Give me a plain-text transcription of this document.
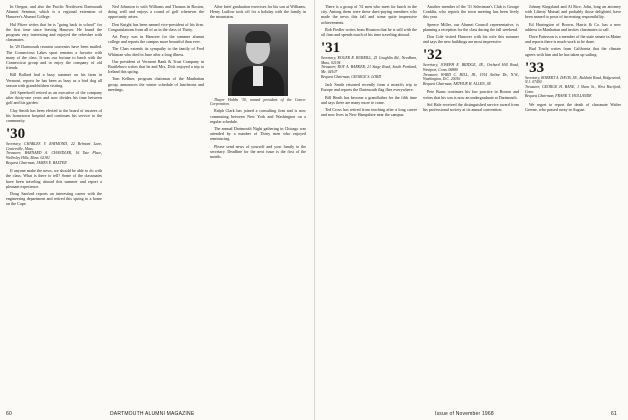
In Oregon, and also the Pacific Northwest Dartmouth Alumni Seminar, which is a regional extension of Hanover's Alumni College.

Hal Pfizer writes that he is "going back to school" for the first time since leaving Hanover. He found the program very interesting and enjoyed the refresher with classmates.

In '29 Dartmouth reunion souvenirs have been mailed. The Connecticut Lakes sport remains a favorite with many of the class. It was our fortune to lunch with the Connecticut group and to enjoy the company of old friends.

Bill Bullard had a busy summer on his farm in Vermont, reports he has been as busy as a bird dog all season with grandchildren visiting.

Jeff Speedwell retired as an executive of the company after thirty-one years and now divides his time between golf and his garden.

Clay Smith has been elected to the board of trustees of his hometown hospital and continues his service to the community.

'30
Secretary, CHARLES V. RAYMOND, 22 Belmont Lane, Centerville, Mass.
Treasurer, BARNARD A. CHANDLER, 16 Tate Place, Wellesley Hills, Mass. 02181
Bequest Chairman, JAMES E. BAXTER

If anyone make the news, we should be able to do with the class. What is there to tell? Some of the classmates have been traveling abroad this summer and report a pleasant experience.

Doug Sanford reports an interesting career with the engineering department and retired this spring to a home on the Cape.

Ned Johnston is with Williams and Thomas in Boston, doing well and enjoys a round of golf whenever the opportunity arises.

Don Knight has been named vice-president of his firm. Congratulations from all of us in the class of Thirty.

Art Perry was in Hanover for the summer alumni college and reports the campus more beautiful than ever.

The Class extends its sympathy to the family of Fred Whitman who died in June after a long illness.

Our president of Vermont Bank & Trust Company in Brattleboro writes that he and Mrs. Dick enjoyed a trip to Ireland this spring.

Tom Kellner, program chairman of the Manhattan group, announces the winter schedule of luncheons and meetings.

After brief graduation exercises for his son at Williams, Henry Ludlow took off for a holiday with the family in the mountains.

Thayer Hobbs '30, named president of the Conco-Corporation.

Ralph Clark has joined a consulting firm and is now commuting between New York and Washington on a regular schedule.

The annual Dartmouth Night gathering in Chicago was attended by a number of Thirty men who enjoyed reminiscing.

Please send news of yourself and your family to the secretary. Deadline for the next issue is the first of the month.

60	DARTMOUTH ALUMNI MAGAZINE

There is a group of '31 men who meet for lunch in the city. Among them were these dues-paying members who made the news this fall and some quite impressive achievements.

Bob Fiedler writes from Houston that he is still with the oil firm and spends much of his time traveling abroad.

'31
Secretary, ROGER R. BURRILL, 25 Coughlin Rd., Needham, Mass. 02194
Treasurer, ROY A. BARKER, 21 Stage Road, South Portland, Me. 04107
Bequest Chairman, GEORGE S. LORD

Jack Smith returned recently from a month's trip to Europe and reports the Dartmouth flag flies everywhere.

Bill Heath has become a grandfather for the fifth time and says there are many more to come.

Ted Cross has retired from teaching after a long career and now lives in New Hampshire near the campus.

Another member of the '31 Selectman's Club is George Conklin, who reports the town meeting has been lively this year.

Spence Miller, our Alumni Council representative, is planning a reception for the class during the fall weekend.

Don Cole visited Hanover with his wife this summer and says the new buildings are most impressive.

'32
Secretary, JOSEPH E. BRIDGE, JR., Orchard Hill Road, Westport, Conn. 06880
Treasurer, WARD C. HILL, JR., 1914 Airline Dr., N.W., Washington, D.C. 20016
Bequest Chairman, ARTHUR H. ALLEN, JR.

Pete Burns continues his law practice in Boston and writes that his son is now an undergraduate at Dartmouth.

Sid Hale received the distinguished service award from his professional society at its annual convention.

Johnny Kingsland and Al Rice, John, long an attorney with Liberty Mutual and probably those delighted, have been named to posts of increasing responsibility.

Ed Harrington of Brown, Harris & Co. has a new address in Manhattan and invites classmates to call.

Dave Patterson is a member of the state senate in Maine and reports there is much work to be done.

Bud Towle writes from California that the climate agrees with him and he has taken up sailing.

'33
Secretary, ROBERT A. DAVIS, JR., Baldwin Road, Ridgewood, N.J. 07450
Treasurer, GEORGE H. BANE, 1 Shaw St., West Hartford, Conn.
Bequest Chairman, FRANK T. HOLLANDE

We regret to report the death of classmate Walter Greene, who passed away in August.

Issue of November 1968	61
